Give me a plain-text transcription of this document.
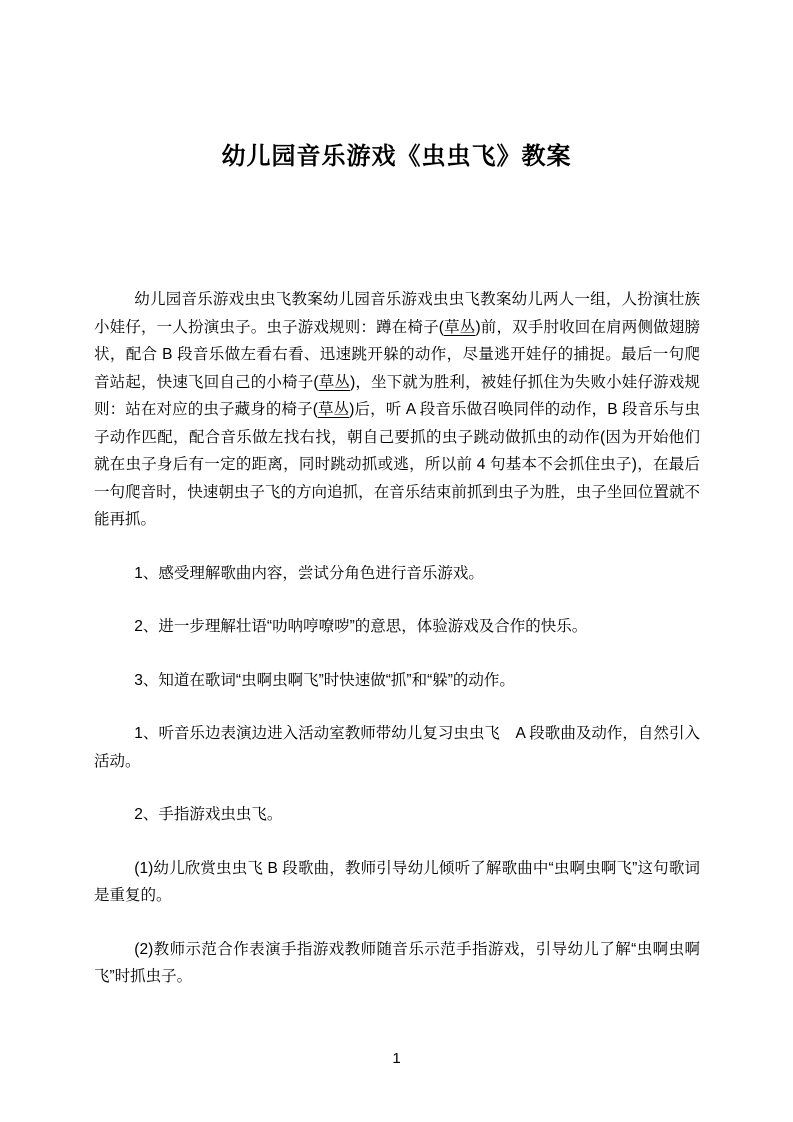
幼儿园音乐游戏《虫虫飞》教案

幼儿园音乐游戏虫虫飞教案幼儿园音乐游戏虫虫飞教案幼儿两人一组，人扮演壮族小娃仔，一人扮演虫子。虫子游戏规则：蹲在椅子(草丛)前，双手肘收回在肩两侧做翅膀状，配合 B 段音乐做左看右看、迅速跳开躲的动作，尽量逃开娃仔的捕捉。最后一句爬音站起，快速飞回自己的小椅子(草丛)，坐下就为胜利，被娃仔抓住为失败小娃仔游戏规则：站在对应的虫子藏身的椅子(草丛)后，听 A 段音乐做召唤同伴的动作，B 段音乐与虫子动作匹配，配合音乐做左找右找，朝自己要抓的虫子跳动做抓虫的动作(因为开始他们就在虫子身后有一定的距离，同时跳动抓或逃，所以前 4 句基本不会抓住虫子)，在最后一句爬音时，快速朝虫子飞的方向追抓，在音乐结束前抓到虫子为胜，虫子坐回位置就不能再抓。

1、感受理解歌曲内容，尝试分角色进行音乐游戏。

2、进一步理解壮语“叻呐哼嘹哕”的意思，体验游戏及合作的快乐。

3、知道在歌词“虫啊虫啊飞”时快速做“抓”和“躲”的动作。

1、听音乐边表演边进入活动室教师带幼儿复习虫虫飞　A 段歌曲及动作，自然引入活动。

2、手指游戏虫虫飞。

(1)幼儿欣赏虫虫飞 B 段歌曲，教师引导幼儿倾听了解歌曲中“虫啊虫啊飞”这句歌词是重复的。

(2)教师示范合作表演手指游戏教师随音乐示范手指游戏，引导幼儿了解“虫啊虫啊飞”时抓虫子。

1
